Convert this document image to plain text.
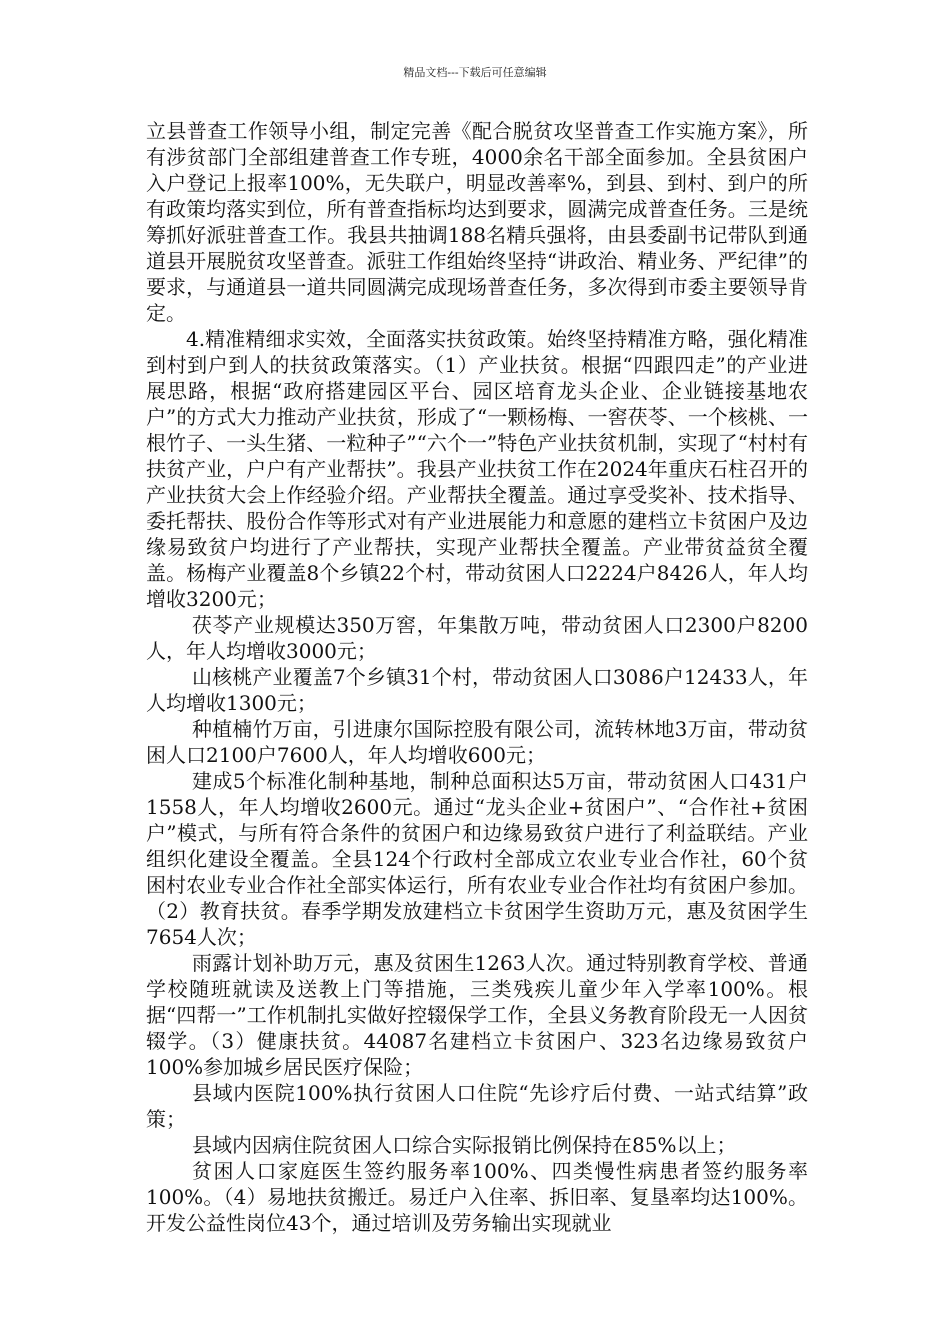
精品文档---下载后可任意编辑

立县普查工作领导小组，制定完善《配合脱贫攻坚普查工作实施方案》，所有涉贫部门全部组建普查工作专班，4000余名干部全面参加。全县贫困户入户登记上报率100%，无失联户，明显改善率%，到县、到村、到户的所有政策均落实到位，所有普查指标均达到要求，圆满完成普查任务。三是统筹抓好派驻普查工作。我县共抽调188名精兵强将，由县委副书记带队到通道县开展脱贫攻坚普查。派驻工作组始终坚持“讲政治、精业务、严纪律”的要求，与通道县一道共同圆满完成现场普查任务，多次得到市委主要领导肯定。

4.精准精细求实效，全面落实扶贫政策。始终坚持精准方略，强化精准到村到户到人的扶贫政策落实。（1）产业扶贫。根据“四跟四走”的产业进展思路，根据“政府搭建园区平台、园区培育龙头企业、企业链接基地农户”的方式大力推动产业扶贫，形成了“一颗杨梅、一窖茯苓、一个核桃、一根竹子、一头生猪、一粒种子”“六个一”特色产业扶贫机制，实现了“村村有扶贫产业，户户有产业帮扶”。我县产业扶贫工作在2024年重庆石柱召开的产业扶贫大会上作经验介绍。产业帮扶全覆盖。通过享受奖补、技术指导、委托帮扶、股份合作等形式对有产业进展能力和意愿的建档立卡贫困户及边缘易致贫户均进行了产业帮扶，实现产业帮扶全覆盖。产业带贫益贫全覆盖。杨梅产业覆盖8个乡镇22个村，带动贫困人口2224户8426人，年人均增收3200元；

茯苓产业规模达350万窖，年集散万吨，带动贫困人口2300户8200人，年人均增收3000元；

山核桃产业覆盖7个乡镇31个村，带动贫困人口3086户12433人，年人均增收1300元；

种植楠竹万亩，引进康尔国际控股有限公司，流转林地3万亩，带动贫困人口2100户7600人，年人均增收600元；

建成5个标准化制种基地，制种总面积达5万亩，带动贫困人口431户1558人，年人均增收2600元。通过“龙头企业+贫困户”、“合作社+贫困户”模式，与所有符合条件的贫困户和边缘易致贫户进行了利益联结。产业组织化建设全覆盖。全县124个行政村全部成立农业专业合作社，60个贫困村农业专业合作社全部实体运行，所有农业专业合作社均有贫困户参加。（2）教育扶贫。春季学期发放建档立卡贫困学生资助万元，惠及贫困学生7654人次；

雨露计划补助万元，惠及贫困生1263人次。通过特别教育学校、普通学校随班就读及送教上门等措施，三类残疾儿童少年入学率100%。根据“四帮一”工作机制扎实做好控辍保学工作，全县义务教育阶段无一人因贫辍学。（3）健康扶贫。44087名建档立卡贫困户、323名边缘易致贫户100%参加城乡居民医疗保险；

县域内医院100%执行贫困人口住院“先诊疗后付费、一站式结算”政策；

县域内因病住院贫困人口综合实际报销比例保持在85%以上；

贫困人口家庭医生签约服务率100%、四类慢性病患者签约服务率100%。（4）易地扶贫搬迁。易迁户入住率、拆旧率、复垦率均达100%。开发公益性岗位43个，通过培训及劳务输出实现就业
